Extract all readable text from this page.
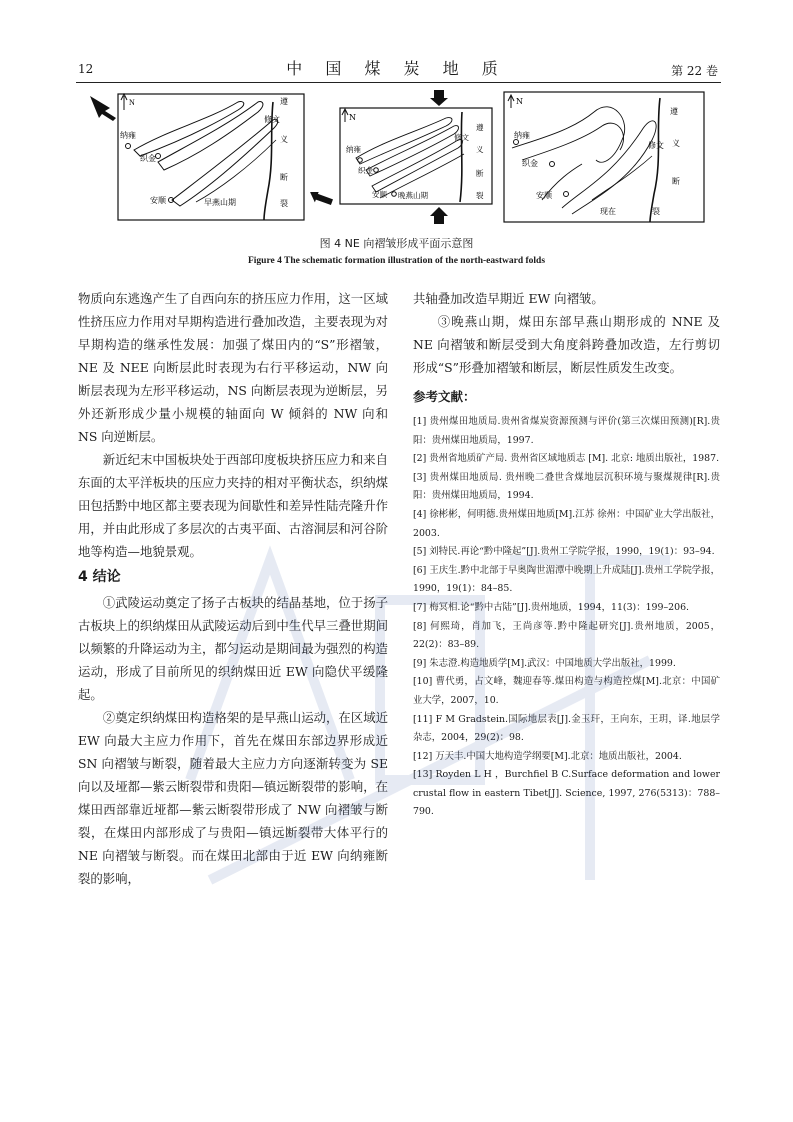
12	中 国 煤 炭 地 质	第 22 卷
N
纳雍
织金
安顺	早燕山期
遵
修文
义
断
裂
N
纳雍
织金
安顺 晚燕山期
遵
修文
义
断
裂
N
纳雍
织金
安顺
现在
遵
修文 义
断
裂
图 4 NE 向褶皱形成平面示意图
Figure 4 The schematic formation illustration of the north-eastward folds

物质向东逃逸产生了自西向东的挤压应力作用，这一区域性挤压应力作用对早期构造进行叠加改造，主要表现为对早期构造的继承性发展：加强了煤田内的“S”形褶皱，NE 及 NEE 向断层此时表现为右行平移运动，NW 向断层表现为左形平移运动，NS 向断层表现为逆断层，另外还新形成少量小规模的轴面向 W 倾斜的 NW 向和 NS 向逆断层。

新近纪末中国板块处于西部印度板块挤压应力和来自东面的太平洋板块的压应力夹持的相对平衡状态，织纳煤田包括黔中地区都主要表现为间歇性和差异性陆壳隆升作用，并由此形成了多层次的古夷平面、古溶洞层和河谷阶地等构造—地貌景观。

4 结论

①武陵运动奠定了扬子古板块的结晶基地，位于扬子古板块上的织纳煤田从武陵运动后到中生代早三叠世期间以频繁的升降运动为主，都匀运动是期间最为强烈的构造运动，形成了目前所见的织纳煤田近 EW 向隐伏平缓隆起。

②奠定织纳煤田构造格架的是早燕山运动，在区域近 EW 向最大主应力作用下，首先在煤田东部边界形成近 SN 向褶皱与断裂，随着最大主应力方向逐渐转变为 SE 向以及垭都—紫云断裂带和贵阳—镇远断裂带的影响，在煤田西部靠近垭都—紫云断裂带形成了 NW 向褶皱与断裂，在煤田内部形成了与贵阳—镇远断裂带大体平行的 NE 向褶皱与断裂。而在煤田北部由于近 EW 向纳雍断裂的影响，

共轴叠加改造早期近 EW 向褶皱。

③晚燕山期，煤田东部早燕山期形成的 NNE 及 NE 向褶皱和断层受到大角度斜跨叠加改造，左行剪切形成“S”形叠加褶皱和断层，断层性质发生改变。

参考文献：

[1] 贵州煤田地质局.贵州省煤炭资源预测与评价(第三次煤田预测)[R].贵阳：贵州煤田地质局，1997.

[2] 贵州省地质矿产局. 贵州省区域地质志 [M]. 北京: 地质出版社，1987.

[3] 贵州煤田地质局. 贵州晚二叠世含煤地层沉积环境与聚煤规律[R].贵阳：贵州煤田地质局，1994.

[4] 徐彬彬，何明德.贵州煤田地质[M].江苏 徐州：中国矿业大学出版社，2003.

[5] 刘特民.再论“黔中隆起”[J].贵州工学院学报，1990，19(1)：93–94.

[6] 王庆生.黔中北部于早奥陶世湄潭中晚期上升成陆[J].贵州工学院学报，1990，19(1)：84–85.

[7] 梅冥相.论“黔中古陆”[J].贵州地质，1994，11(3)：199–206.

[8] 何熙琦，肖加飞，王尚彦等.黔中隆起研究[J].贵州地质，2005，22(2)：83–89.

[9] 朱志澄.构造地质学[M].武汉：中国地质大学出版社，1999.

[10] 曹代勇，占文峰，魏迎春等.煤田构造与构造控煤[M].北京：中国矿业大学，2007，10.

[11] F M Gradstein.国际地层表[J].金玉玕，王向东，王玥，译.地层学杂志，2004，29(2)：98.

[12] 万天丰.中国大地构造学纲要[M].北京：地质出版社，2004.

[13] Royden L H ，Burchfiel B C.Surface deformation and lower crustal flow in eastern Tibet[J]. Science, 1997, 276(5313)：788–790.
